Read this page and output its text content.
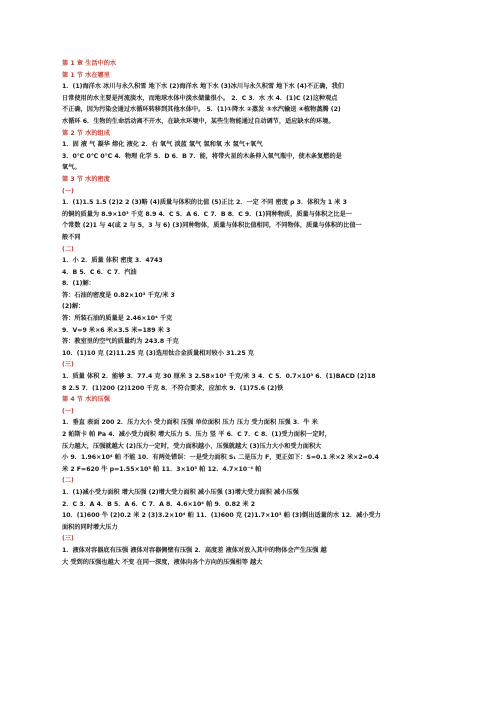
第 1 章 生活中的水
第 1 节 水在哪里
1．(1)海洋水 冰川与永久积雪 地下水 (2)海洋水 地下水 (3)冰川与永久积雪 地下水 (4)不正确，我们
日常使用的水主要是河流淡水，而地球水体中淡水储量很小。 2．C 3．水 水 4．(1)C (2)这种观点
不正确，因为污染会通过水循环转移到其他水体中。 5．(1)①降水 ②蒸发 ③水汽输送 ④植物蒸腾 (2)
水循环 6．生物的生命活动离不开水，在缺水环境中，某些生物能通过自动调节，适应缺水的环境。
第 2 节 水的组成
1．固 液 气 凝华 熔化 液化 2．右 氧气 淡蓝 氢气 氢和氧 水 氢气+氧气
3．0℃ 0℃ 0℃ 4．物理 化学 5．D 6．B 7．能，将带火星的木条伸入氧气瓶中，使木条复燃的是
氧气。
第 3 节 水的密度
(一)
1．(1)1.5 1.5 (2)2 2 (3)略 (4)质量与体积的比值 (5)正比 2．一定 不同 密度 ρ 3．体积为 1 米 3
的铜的质量为 8.9×10³ 千克 8.9 4．C 5．A 6．C 7．B 8．C 9．(1)同种物质，质量与体积之比是一
个常数 (2)1 与 4(或 2 与 5，3 与 6) (3)同种物体，质量与体积比值相同，不同物体，质量与体积的比值一
般不同
(二)
1．小 2．质量 体积 密度 3．4743
4．B 5．C 6．C 7．汽油
8．(1)解：
答：石油的密度是 0.82×10³ 千克/米 3
(2)解：
答：所装石油的质量是 2.46×10⁴ 千克
9．V=9 米×6 米×3.5 米=189 米 3
答：教室里的空气的质量约为 243.8 千克
10．(1)10 克 (2)11.25 克 (3)选用钛合金质量相对较小 31.25 克
(三)
1．质量 体积 2．能够 3．77.4 克 30 厘米 3 2.58×10³ 千克/米 3 4．C 5．0.7×10³ 6．(1)BACD (2)18
8 2.5 7．(1)200 (2)1200 千克 8．不符合要求，应加水 9．(1)75.6 (2)铁
第 4 节 水的压强
(一)
1．垂直 表面 200 2．压力大小 受力面积 压强 单位面积 压力 压力 受力面积 压强 3．牛 米
2 帕斯卡 帕 Pa 4．减小受力面积 增大压力 5．压力 竖 平 6．C 7．C 8．(1)受力面积一定时，
压力越大，压强就越大 (2)压力一定时，受力面积越小，压强就越大 (3)压力大小和受力面积大
小 9．1.96×10⁴ 帕 不能 10．有两处错误：一是受力面积 S₁ 二是压力 F，更正如下：S=0.1 米×2 米×2=0.4
米 2 F=620 牛 p=1.55×10³ 帕 11．3×10⁵ 帕 12．4.7×10⁻⁴ 帕
(二)
1．(1)减小受力面积 增大压强 (2)增大受力面积 减小压强 (3)增大受力面积 减小压强
2．C 3．A 4．B 5．A 6．C 7．A 8．4.6×10⁴ 帕 9．0.82 米 2
10．(1)600 牛 (2)0.2 米 2 (3)3.2×10⁴ 帕 11．(1)600 克 (2)1.7×10³ 帕 (3)倒出适量的水 12．减小受力
面积的同时增大压力
(三)
1．液体对容器底有压强 液体对容器侧壁有压强 2．高度差 液体对放入其中的物体会产生压强 越
大 受到的压强也越大 不变 在同一深度，液体向各个方向的压强相等 越大
